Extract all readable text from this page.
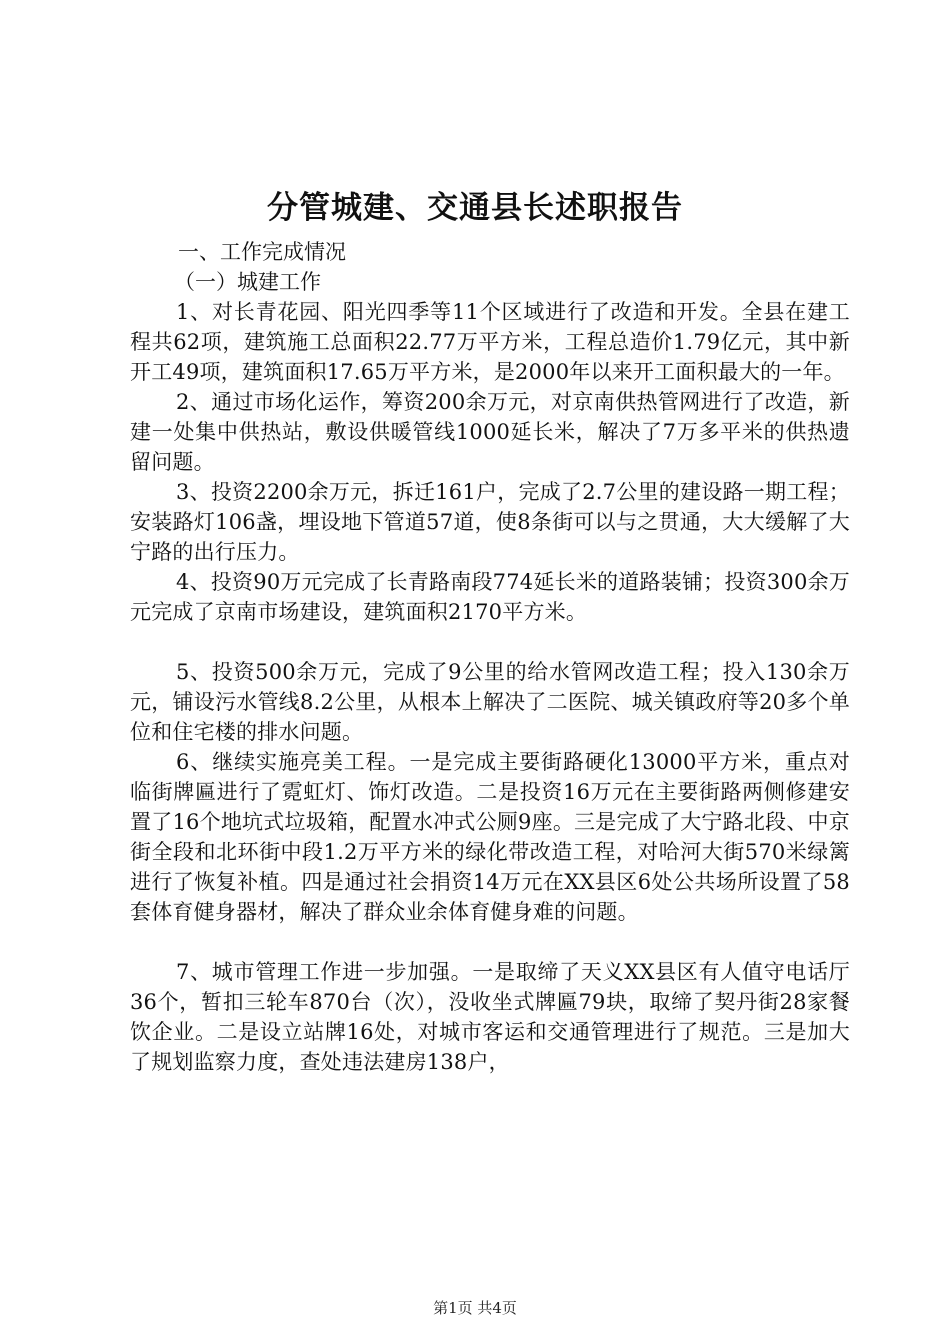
分管城建、交通县长述职报告

一、工作完成情况

（一）城建工作

1、对长青花园、阳光四季等11个区域进行了改造和开发。全县在建工程共62项，建筑施工总面积22.77万平方米，工程总造价1.79亿元，其中新开工49项，建筑面积17.65万平方米，是2000年以来开工面积最大的一年。

2、通过市场化运作，筹资200余万元，对京南供热管网进行了改造，新建一处集中供热站，敷设供暖管线1000延长米，解决了7万多平米的供热遗留问题。

3、投资2200余万元，拆迁161户，完成了2.7公里的建设路一期工程；安装路灯106盏，埋设地下管道57道，使8条街可以与之贯通，大大缓解了大宁路的出行压力。

4、投资90万元完成了长青路南段774延长米的道路装铺；投资300余万元完成了京南市场建设，建筑面积2170平方米。

5、投资500余万元，完成了9公里的给水管网改造工程；投入130余万元，铺设污水管线8.2公里，从根本上解决了二医院、城关镇政府等20多个单位和住宅楼的排水问题。

6、继续实施亮美工程。一是完成主要街路硬化13000平方米，重点对临街牌匾进行了霓虹灯、饰灯改造。二是投资16万元在主要街路两侧修建安置了16个地坑式垃圾箱，配置水冲式公厕9座。三是完成了大宁路北段、中京街全段和北环街中段1.2万平方米的绿化带改造工程，对哈河大街570米绿篱进行了恢复补植。四是通过社会捐资14万元在XX县区6处公共场所设置了58套体育健身器材，解决了群众业余体育健身难的问题。

7、城市管理工作进一步加强。一是取缔了天义XX县区有人值守电话厅36个，暂扣三轮车870台（次），没收坐式牌匾79块，取缔了契丹街28家餐饮企业。二是设立站牌16处，对城市客运和交通管理进行了规范。三是加大了规划监察力度，查处违法建房138户，

第1页 共4页
